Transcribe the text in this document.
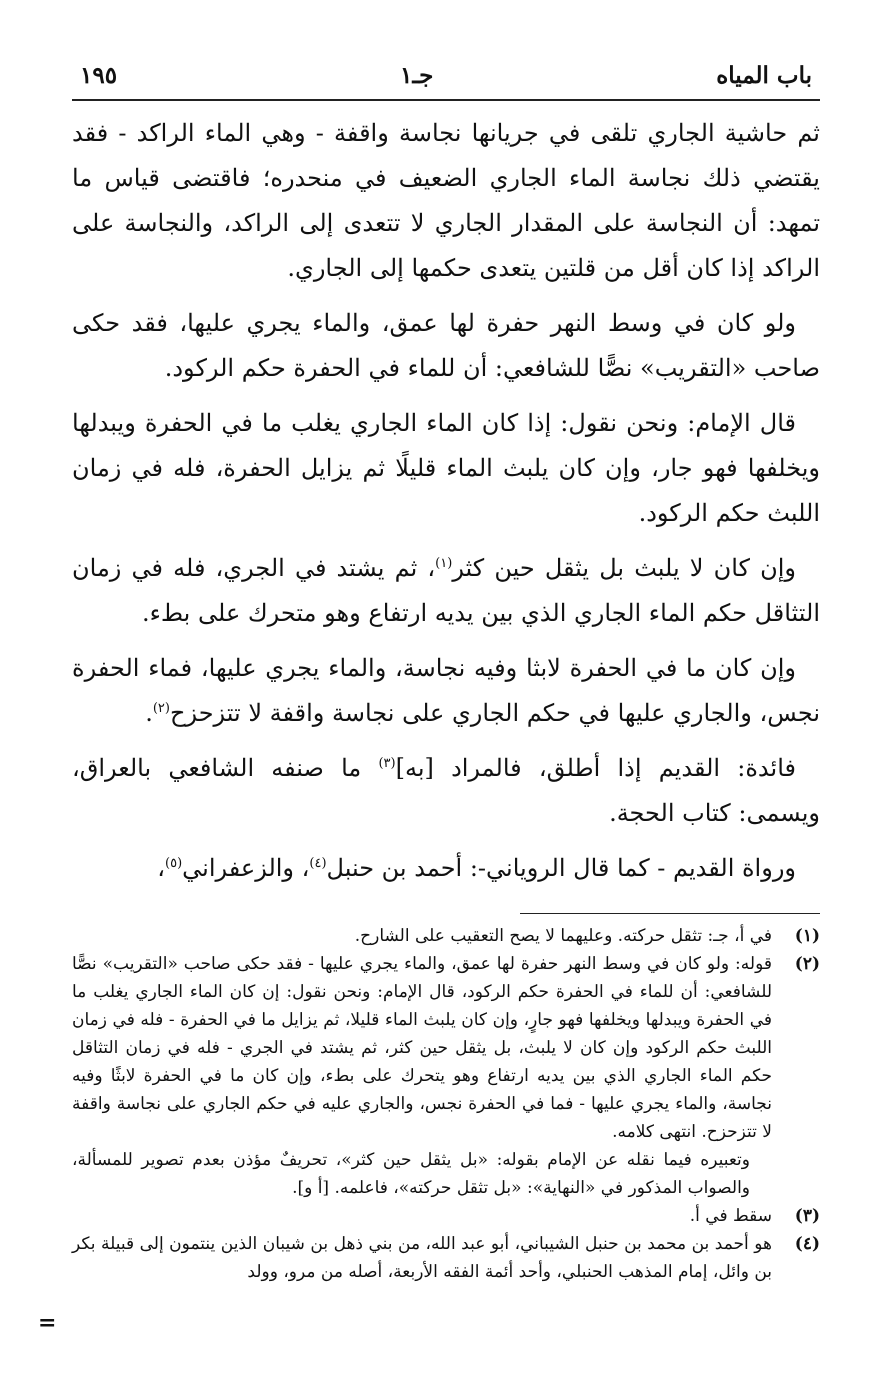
باب المياه
جـ١
١٩٥

ثم حاشية الجاري تلقى في جريانها نجاسة واقفة - وهي الماء الراكد - فقد يقتضي ذلك نجاسة الماء الجاري الضعيف في منحدره؛ فاقتضى قياس ما تمهد: أن النجاسة على المقدار الجاري لا تتعدى إلى الراكد، والنجاسة على الراكد إذا كان أقل من قلتين يتعدى حكمها إلى الجاري.

ولو كان في وسط النهر حفرة لها عمق، والماء يجري عليها، فقد حكى صاحب «التقريب» نصًّا للشافعي: أن للماء في الحفرة حكم الركود.

قال الإمام: ونحن نقول: إذا كان الماء الجاري يغلب ما في الحفرة ويبدلها ويخلفها فهو جار، وإن كان يلبث الماء قليلًا ثم يزايل الحفرة، فله في زمان اللبث حكم الركود.

وإن كان لا يلبث بل يثقل حين كثر$^{(١)}$، ثم يشتد في الجري، فله في زمان التثاقل حكم الماء الجاري الذي بين يديه ارتفاع وهو متحرك على بطء.

وإن كان ما في الحفرة لابثا وفيه نجاسة، والماء يجري عليها، فماء الحفرة نجس، والجاري عليها في حكم الجاري على نجاسة واقفة لا تتزحزح$^{(٢)}$.

فائدة: القديم إذا أطلق، فالمراد [به]$^{(٣)}$ ما صنفه الشافعي بالعراق، ويسمى: كتاب الحجة.

ورواة القديم - كما قال الروياني-: أحمد بن حنبل$^{(٤)}$، والزعفراني$^{(٥)}$،

(١)
في أ، جـ: تثقل حركته. وعليهما لا يصح التعقيب على الشارح.
(٢)
قوله: ولو كان في وسط النهر حفرة لها عمق، والماء يجري عليها - فقد حكى صاحب «التقريب» نصًّا للشافعي: أن للماء في الحفرة حكم الركود، قال الإمام: ونحن نقول: إن كان الماء الجاري يغلب ما في الحفرة ويبدلها ويخلفها فهو جارٍ، وإن كان يلبث الماء قليلا، ثم يزايل ما في الحفرة - فله في زمان اللبث حكم الركود وإن كان لا يلبث، بل يثقل حين كثر، ثم يشتد في الجري - فله في زمان التثاقل حكم الماء الجاري الذي بين يديه ارتفاع وهو يتحرك على بطء، وإن كان ما في الحفرة لابثًا وفيه نجاسة، والماء يجري عليها - فما في الحفرة نجس، والجاري عليه في حكم الجاري على نجاسة واقفة لا تتزحزح. انتهى كلامه.
وتعبيره فيما نقله عن الإمام بقوله: «بل يثقل حين كثر»، تحريفٌ مؤذن بعدم تصوير للمسألة، والصواب المذكور في «النهاية»: «بل تثقل حركته»، فاعلمه. [أ و].
(٣)
سقط في أ.
(٤)
هو أحمد بن محمد بن حنبل الشيباني، أبو عبد الله، من بني ذهل بن شيبان الذين ينتمون إلى قبيلة بكر بن وائل، إمام المذهب الحنبلي، وأحد أئمة الفقه الأربعة، أصله من مرو، وولد
=
